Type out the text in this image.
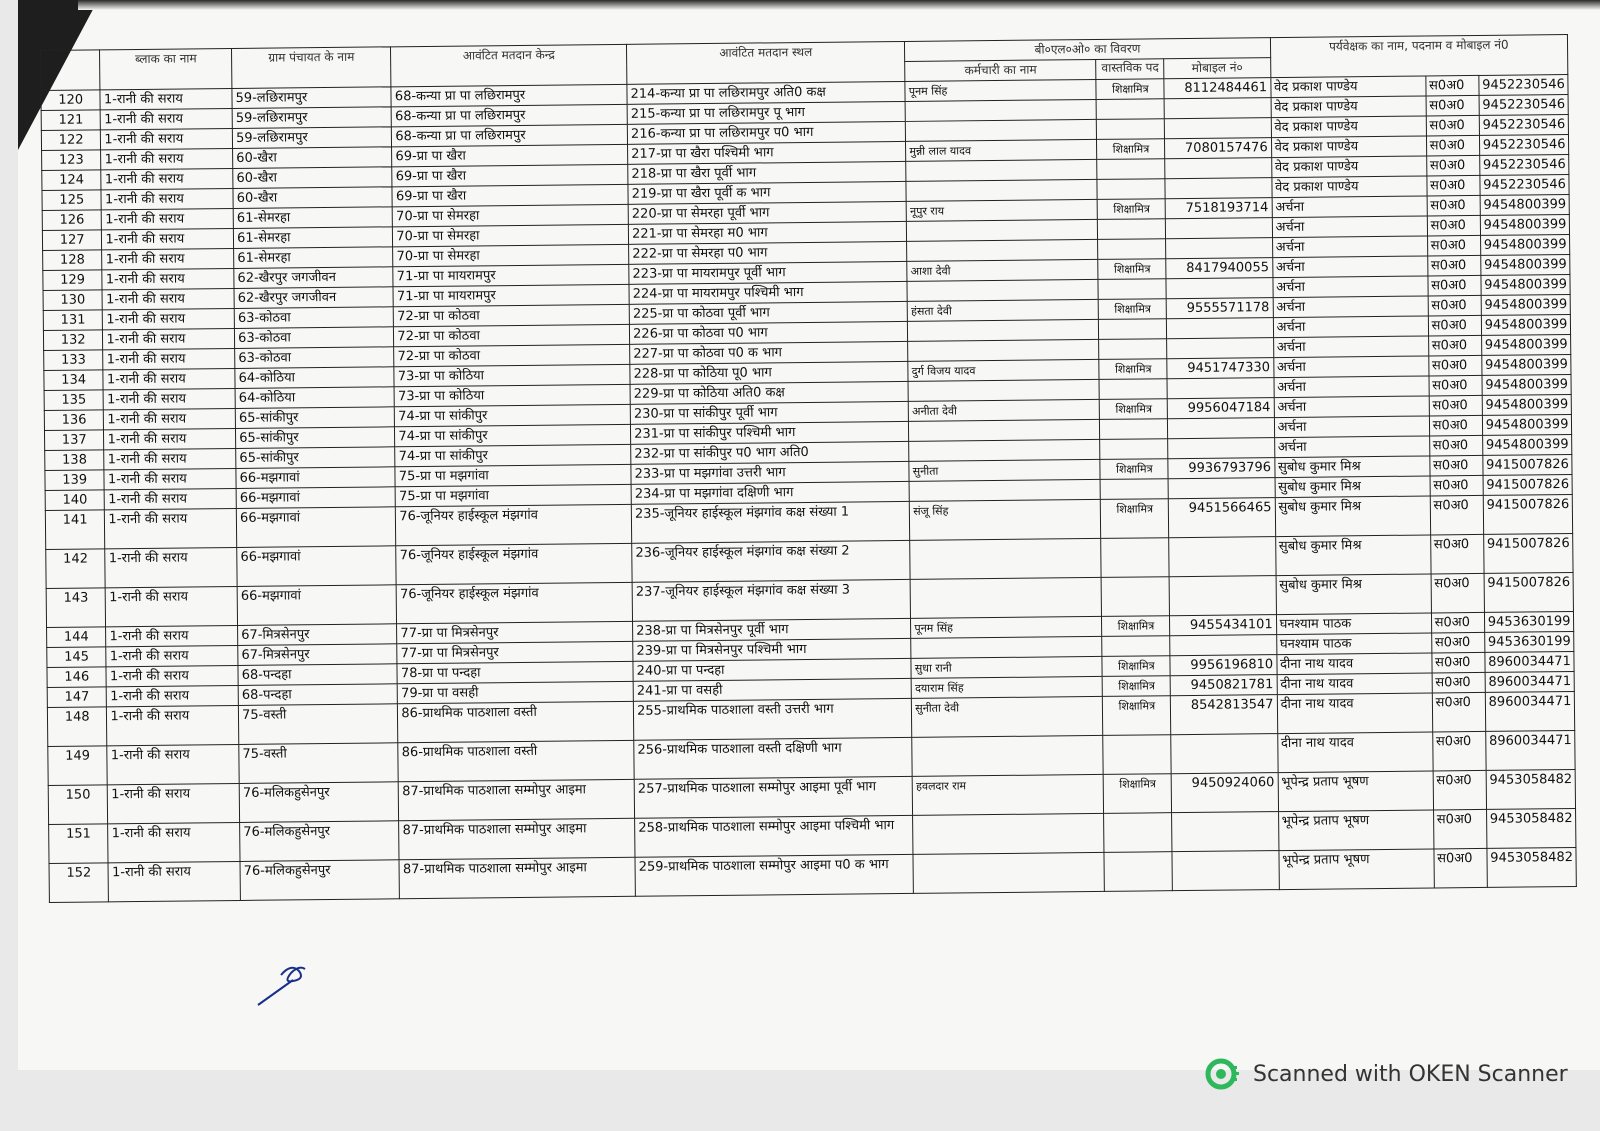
	ब्लाक का नाम	ग्राम पंचायत के नाम	आवंटित मतदान केन्द्र	आवंटित मतदान स्थल	बी०एल०ओ० का विवरण			पर्यवेक्षक का नाम, पदनाम व मोबाइल नं0		
					कर्मचारी का नाम	वास्तविक पद	मोबाइल नं०			
120	1-रानी की सराय	59-लछिरामपुर	68-कन्या प्रा पा लछिरामपुर	214-कन्या प्रा पा लछिरामपुर अति0 कक्ष	पूनम सिंह	शिक्षामित्र	8112484461	वेद प्रकाश पाण्डेय	स0अ0	9452230546
121	1-रानी की सराय	59-लछिरामपुर	68-कन्या प्रा पा लछिरामपुर	215-कन्या प्रा पा लछिरामपुर पू भाग				वेद प्रकाश पाण्डेय	स0अ0	9452230546
122	1-रानी की सराय	59-लछिरामपुर	68-कन्या प्रा पा लछिरामपुर	216-कन्या प्रा पा लछिरामपुर प0 भाग				वेद प्रकाश पाण्डेय	स0अ0	9452230546
123	1-रानी की सराय	60-खैरा	69-प्रा पा खैरा	217-प्रा पा खैरा पश्चिमी भाग	मुन्नी लाल यादव	शिक्षामित्र	7080157476	वेद प्रकाश पाण्डेय	स0अ0	9452230546
124	1-रानी की सराय	60-खैरा	69-प्रा पा खैरा	218-प्रा पा खैरा पूर्वी भाग				वेद प्रकाश पाण्डेय	स0अ0	9452230546
125	1-रानी की सराय	60-खैरा	69-प्रा पा खैरा	219-प्रा पा खैरा पूर्वी क भाग				वेद प्रकाश पाण्डेय	स0अ0	9452230546
126	1-रानी की सराय	61-सेमरहा	70-प्रा पा सेमरहा	220-प्रा पा सेमरहा पूर्वी भाग	नूपुर राय	शिक्षामित्र	7518193714	अर्चना	स0अ0	9454800399
127	1-रानी की सराय	61-सेमरहा	70-प्रा पा सेमरहा	221-प्रा पा सेमरहा म0 भाग				अर्चना	स0अ0	9454800399
128	1-रानी की सराय	61-सेमरहा	70-प्रा पा सेमरहा	222-प्रा पा सेमरहा प0 भाग				अर्चना	स0अ0	9454800399
129	1-रानी की सराय	62-खैरपुर जगजीवन	71-प्रा पा मायरामपुर	223-प्रा पा मायरामपुर पूर्वी भाग	आशा देवी	शिक्षामित्र	8417940055	अर्चना	स0अ0	9454800399
130	1-रानी की सराय	62-खैरपुर जगजीवन	71-प्रा पा मायरामपुर	224-प्रा पा मायरामपुर पश्चिमी भाग				अर्चना	स0अ0	9454800399
131	1-रानी की सराय	63-कोठवा	72-प्रा पा कोठवा	225-प्रा पा कोठवा पूर्वी भाग	हंसता देवी	शिक्षामित्र	9555571178	अर्चना	स0अ0	9454800399
132	1-रानी की सराय	63-कोठवा	72-प्रा पा कोठवा	226-प्रा पा कोठवा प0 भाग				अर्चना	स0अ0	9454800399
133	1-रानी की सराय	63-कोठवा	72-प्रा पा कोठवा	227-प्रा पा कोठवा प0 क भाग				अर्चना	स0अ0	9454800399
134	1-रानी की सराय	64-कोठिया	73-प्रा पा कोठिया	228-प्रा पा कोठिया पू0 भाग	दुर्ग विजय यादव	शिक्षामित्र	9451747330	अर्चना	स0अ0	9454800399
135	1-रानी की सराय	64-कोठिया	73-प्रा पा कोठिया	229-प्रा पा कोठिया अति0 कक्ष				अर्चना	स0अ0	9454800399
136	1-रानी की सराय	65-सांकीपुर	74-प्रा पा सांकीपुर	230-प्रा पा सांकीपुर पूर्वी भाग	अनीता देवी	शिक्षामित्र	9956047184	अर्चना	स0अ0	9454800399
137	1-रानी की सराय	65-सांकीपुर	74-प्रा पा सांकीपुर	231-प्रा पा सांकीपुर पश्चिमी भाग				अर्चना	स0अ0	9454800399
138	1-रानी की सराय	65-सांकीपुर	74-प्रा पा सांकीपुर	232-प्रा पा सांकीपुर प0 भाग अति0				अर्चना	स0अ0	9454800399
139	1-रानी की सराय	66-मझगावां	75-प्रा पा मझगांवा	233-प्रा पा मझगांवा उत्तरी भाग	सुनीता	शिक्षामित्र	9936793796	सुबोध कुमार मिश्र	स0अ0	9415007826
140	1-रानी की सराय	66-मझगावां	75-प्रा पा मझगांवा	234-प्रा पा मझगांवा दक्षिणी भाग				सुबोध कुमार मिश्र	स0अ0	9415007826
141	1-रानी की सराय	66-मझगावां	76-जूनियर हाईस्कूल मंझगांव	235-जूनियर हाईस्कूल मंझगांव कक्ष संख्या 1	संजू सिंह	शिक्षामित्र	9451566465	सुबोध कुमार मिश्र	स0अ0	9415007826
142	1-रानी की सराय	66-मझगावां	76-जूनियर हाईस्कूल मंझगांव	236-जूनियर हाईस्कूल मंझगांव कक्ष संख्या 2				सुबोध कुमार मिश्र	स0अ0	9415007826
143	1-रानी की सराय	66-मझगावां	76-जूनियर हाईस्कूल मंझगांव	237-जूनियर हाईस्कूल मंझगांव कक्ष संख्या 3				सुबोध कुमार मिश्र	स0अ0	9415007826
144	1-रानी की सराय	67-मित्रसेनपुर	77-प्रा पा मित्रसेनपुर	238-प्रा पा मित्रसेनपुर पूर्वी भाग	पूनम सिंह	शिक्षामित्र	9455434101	घनश्याम पाठक	स0अ0	9453630199
145	1-रानी की सराय	67-मित्रसेनपुर	77-प्रा पा मित्रसेनपुर	239-प्रा पा मित्रसेनपुर पश्चिमी भाग				घनश्याम पाठक	स0अ0	9453630199
146	1-रानी की सराय	68-पन्दहा	78-प्रा पा पन्दहा	240-प्रा पा पन्दहा	सुधा रानी	शिक्षामित्र	9956196810	दीना नाथ यादव	स0अ0	8960034471
147	1-रानी की सराय	68-पन्दहा	79-प्रा पा वसही	241-प्रा पा वसही	दयाराम सिंह	शिक्षामित्र	9450821781	दीना नाथ यादव	स0अ0	8960034471
148	1-रानी की सराय	75-वस्ती	86-प्राथमिक पाठशाला वस्ती	255-प्राथमिक पाठशाला वस्ती उत्तरी भाग	सुनीता देवी	शिक्षामित्र	8542813547	दीना नाथ यादव	स0अ0	8960034471
149	1-रानी की सराय	75-वस्ती	86-प्राथमिक पाठशाला वस्ती	256-प्राथमिक पाठशाला वस्ती दक्षिणी भाग				दीना नाथ यादव	स0अ0	8960034471
150	1-रानी की सराय	76-मलिकहुसेनपुर	87-प्राथमिक पाठशाला सम्मोपुर आइमा	257-प्राथमिक पाठशाला सम्मोपुर आइमा पूर्वी भाग	हवलदार राम	शिक्षामित्र	9450924060	भूपेन्द्र प्रताप भूषण	स0अ0	9453058482
151	1-रानी की सराय	76-मलिकहुसेनपुर	87-प्राथमिक पाठशाला सम्मोपुर आइमा	258-प्राथमिक पाठशाला सम्मोपुर आइमा पश्चिमी भाग				भूपेन्द्र प्रताप भूषण	स0अ0	9453058482
152	1-रानी की सराय	76-मलिकहुसेनपुर	87-प्राथमिक पाठशाला सम्मोपुर आइमा	259-प्राथमिक पाठशाला सम्मोपुर आइमा प0 क भाग				भूपेन्द्र प्रताप भूषण	स0अ0	9453058482
Scanned with OKEN Scanner
